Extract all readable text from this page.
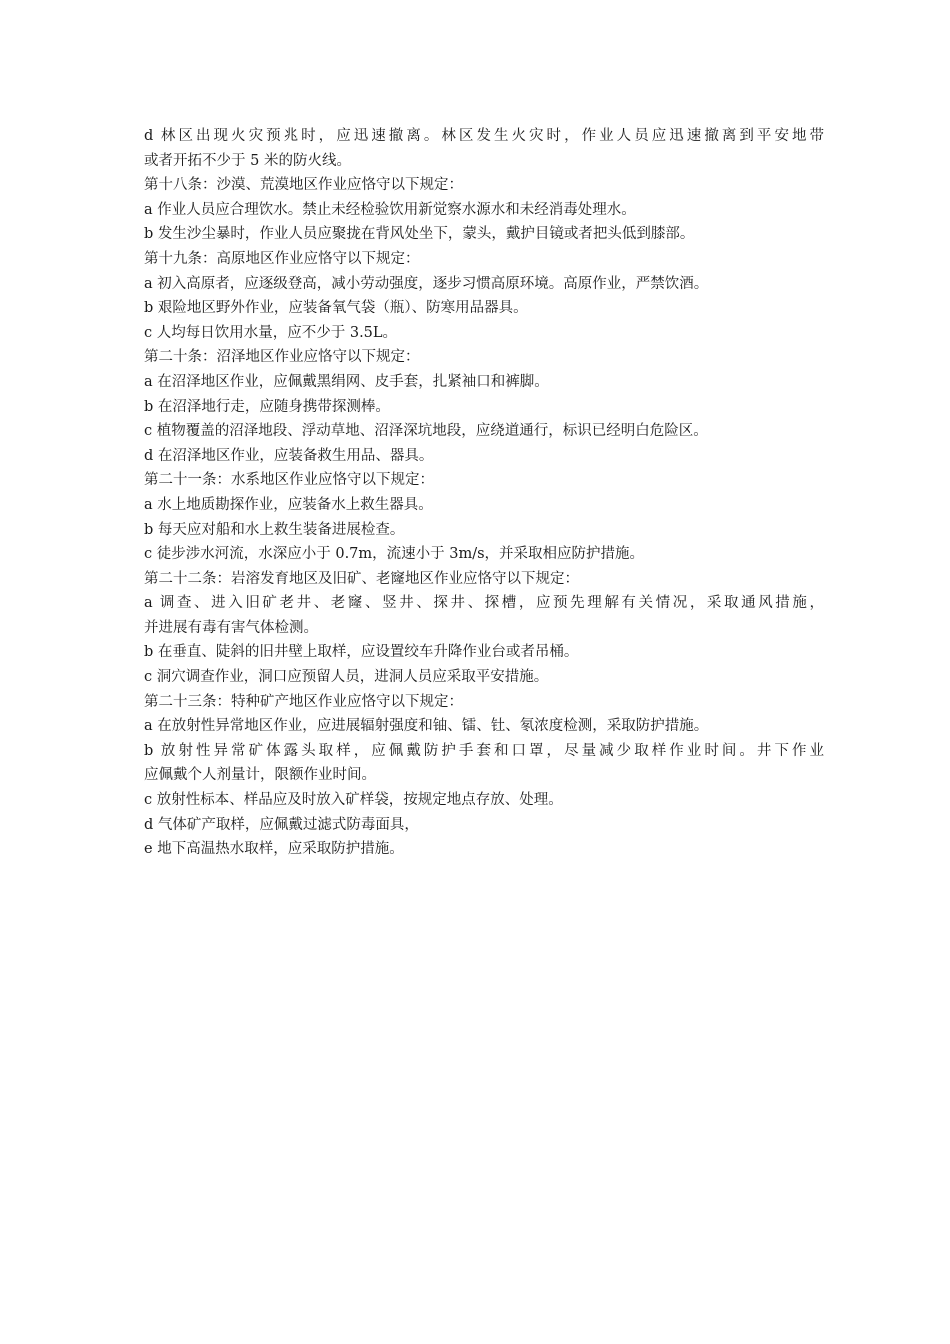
d 林区出现火灾预兆时，应迅速撤离。林区发生火灾时，作业人员应迅速撤离到平安地带

或者开拓不少于 5 米的防火线。

第十八条：沙漠、荒漠地区作业应恪守以下规定：

a 作业人员应合理饮水。禁止未经检验饮用新觉察水源水和未经消毒处理水。

b 发生沙尘暴时，作业人员应聚拢在背风处坐下，蒙头，戴护目镜或者把头低到膝部。

第十九条：高原地区作业应恪守以下规定：

a 初入高原者，应逐级登高，减小劳动强度，逐步习惯高原环境。高原作业，严禁饮酒。

b 艰险地区野外作业，应装备氧气袋（瓶）、防寒用品器具。

c 人均每日饮用水量，应不少于 3.5L。

第二十条：沼泽地区作业应恪守以下规定：

a 在沼泽地区作业，应佩戴黑绢网、皮手套，扎紧袖口和裤脚。

b 在沼泽地行走，应随身携带探测棒。

c 植物覆盖的沼泽地段、浮动草地、沼泽深坑地段，应绕道通行，标识已经明白危险区。

d 在沼泽地区作业，应装备救生用品、器具。

第二十一条：水系地区作业应恪守以下规定：

a 水上地质勘探作业，应装备水上救生器具。

b 每天应对船和水上救生装备进展检查。

c 徒步涉水河流，水深应小于 0.7m，流速小于 3m/s，并采取相应防护措施。

第二十二条：岩溶发育地区及旧矿、老窿地区作业应恪守以下规定：

a 调查、进入旧矿老井、老窿、竖井、探井、探槽，应预先理解有关情况，采取通风措施，

并进展有毒有害气体检测。

b 在垂直、陡斜的旧井壁上取样，应设置绞车升降作业台或者吊桶。

c 洞穴调查作业，洞口应预留人员，进洞人员应采取平安措施。

第二十三条：特种矿产地区作业应恪守以下规定：

a 在放射性异常地区作业，应进展辐射强度和铀、镭、钍、氡浓度检测，采取防护措施。

b 放射性异常矿体露头取样，应佩戴防护手套和口罩，尽量减少取样作业时间。井下作业

应佩戴个人剂量计，限额作业时间。

c 放射性标本、样品应及时放入矿样袋，按规定地点存放、处理。

d 气体矿产取样，应佩戴过滤式防毒面具，

e 地下高温热水取样，应采取防护措施。
